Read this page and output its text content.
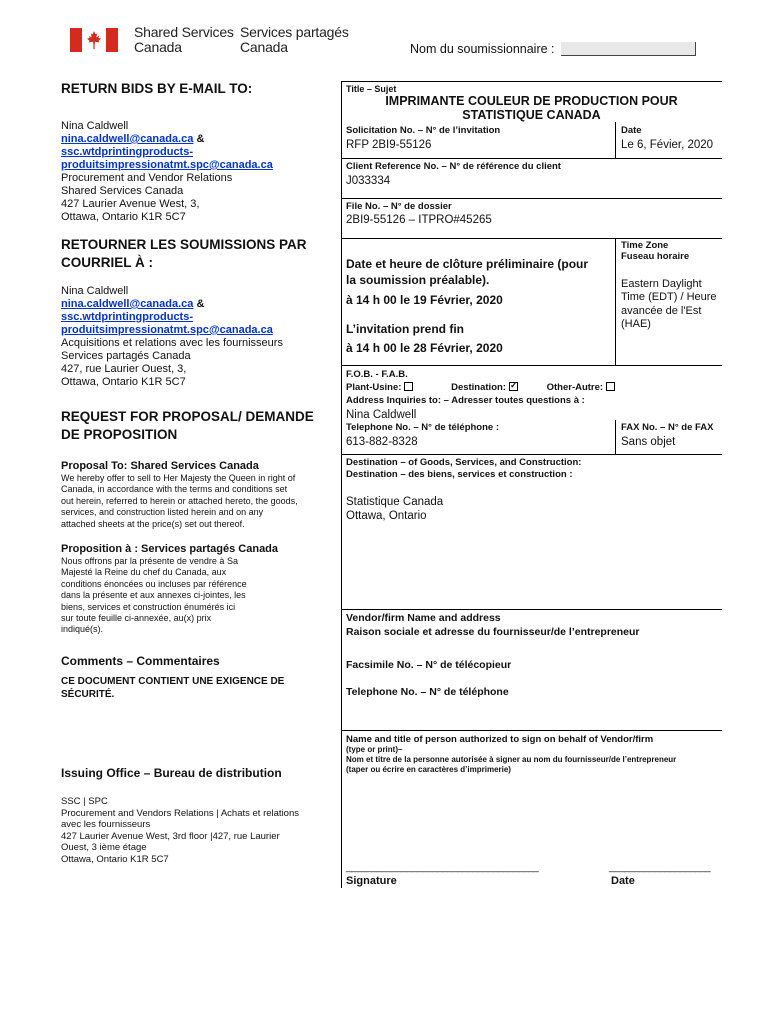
Shared Services
Canada
Services partagés
Canada	Nom du soumissionnaire :
RETURN BIDS BY E-MAIL TO:
Nina Caldwell
nina.caldwell@canada.ca &
ssc.wtdprintingproducts-
produitsimpressionatmt.spc@canada.ca
Procurement and Vendor Relations
Shared Services Canada
427 Laurier Avenue West, 3,
Ottawa, Ontario K1R 5C7
RETOURNER LES SOUMISSIONS PAR
COURRIEL À :
Nina Caldwell
nina.caldwell@canada.ca &
ssc.wtdprintingproducts-
produitsimpressionatmt.spc@canada.ca
Acquisitions et relations avec les fournisseurs
Services partagés Canada
427, rue Laurier Ouest, 3,
Ottawa, Ontario K1R 5C7
REQUEST FOR PROPOSAL/ DEMANDE
DE PROPOSITION
Proposal To: Shared Services Canada
We hereby offer to sell to Her Majesty the Queen in right of
Canada, in accordance with the terms and conditions set
out herein, referred to herein or attached hereto, the goods,
services, and construction listed herein and on any
attached sheets at the price(s) set out thereof.
Proposition à : Services partagés Canada
Nous offrons par la présente de vendre à Sa
Majesté la Reine du chef du Canada, aux
conditions énoncées ou incluses par référence
dans la présente et aux annexes ci-jointes, les
biens, services et construction énumérés ici
sur toute feuille ci-annexée, au(x) prix
indiqué(s).
Comments – Commentaires
CE DOCUMENT CONTIENT UNE EXIGENCE DE
SÉCURITÉ.
Issuing Office – Bureau de distribution
SSC | SPC
Procurement and Vendors Relations | Achats et relations
avec les fournisseurs
427 Laurier Avenue West, 3rd floor |427, rue Laurier
Ouest, 3 ième étage
Ottawa, Ontario K1R 5C7
Title – Sujet
IMPRIMANTE COULEUR DE PRODUCTION POUR
STATISTIQUE CANADA
Solicitation No. – N° de l’invitation
RFP 2BI9-55126
Date
Le 6, Févier, 2020
Client Reference No. – N° de référence du client
J033334
File No. – N° de dossier
2BI9-55126 – ITPRO#45265
Date et heure de clôture préliminaire (pour
la soumission préalable).
à 14 h 00 le 19 Février, 2020
L’invitation prend fin
à 14 h 00 le 28 Février, 2020
Time Zone
Fuseau horaire
Eastern Daylight
Time (EDT) / Heure
avancée de l'Est
(HAE)
F.O.B. - F.A.B.
Plant-Usine:	Destination:✓	Other-Autre:
Address Inquiries to: – Adresser toutes questions à :
Nina Caldwell
Telephone No. – N° de téléphone :
613-882-8328
FAX No. – N° de FAX
Sans objet
Destination – of Goods, Services, and Construction:
Destination – des biens, services et construction :
Statistique Canada
Ottawa, Ontario
Vendor/firm Name and address
Raison sociale et adresse du fournisseur/de l’entrepreneur
Facsimile No. – N° de télécopieur
Telephone No. – N° de téléphone
Name and title of person authorized to sign on behalf of Vendor/firm
(type or print)–
Nom et titre de la personne autorisée à signer au nom du fournisseur/de l’entrepreneur
(taper ou écrire en caractères d’imprimerie)
______________________________________	____________________
Signature	Date
